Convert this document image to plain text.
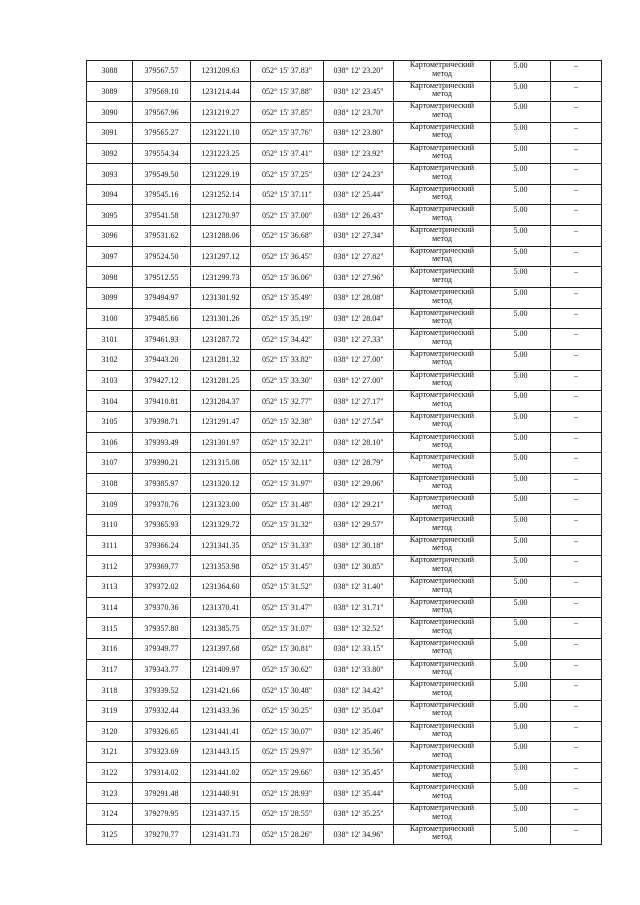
3088	379567.57	1231209.63	052° 15' 37.83"	038° 12' 23.20"	Картометрический
метод	5.00	–

3089	379569.10	1231214.44	052° 15' 37.88"	038° 12' 23.45"	Картометрический
метод	5.00	–

3090	379567.96	1231219.27	052° 15' 37.85"	038° 12' 23.70"	Картометрический
метод	5.00	–

3091	379565.27	1231221.10	052° 15' 37.76"	038° 12' 23.80"	Картометрический
метод	5.00	–

3092	379554.34	1231223.25	052° 15' 37.41"	038° 12' 23.92"	Картометрический
метод	5.00	–

3093	379549.50	1231229.19	052° 15' 37.25"	038° 12' 24.23"	Картометрический
метод	5.00	–

3094	379545.16	1231252.14	052° 15' 37.11"	038° 12' 25.44"	Картометрический
метод	5.00	–

3095	379541.58	1231270.97	052° 15' 37.00"	038° 12' 26.43"	Картометрический
метод	5.00	–

3096	379531.62	1231288.06	052° 15' 36.68"	038° 12' 27.34"	Картометрический
метод	5.00	–

3097	379524.50	1231297.12	052° 15' 36.45"	038° 12' 27.82"	Картометрический
метод	5.00	–

3098	379512.55	1231299.73	052° 15' 36.06"	038° 12' 27.96"	Картометрический
метод	5.00	–

3099	379494.97	1231301.92	052° 15' 35.49"	038° 12' 28.08"	Картометрический
метод	5.00	–

3100	379485.66	1231301.26	052° 15' 35.19"	038° 12' 28.04"	Картометрический
метод	5.00	–

3101	379461.93	1231287.72	052° 15' 34.42"	038° 12' 27.33"	Картометрический
метод	5.00	–

3102	379443.20	1231281.32	052° 15' 33.82"	038° 12' 27.00"	Картометрический
метод	5.00	–

3103	379427.12	1231281.25	052° 15' 33.30"	038° 12' 27.00"	Картометрический
метод	5.00	–

3104	379410.81	1231284.37	052° 15' 32.77"	038° 12' 27.17"	Картометрический
метод	5.00	–

3105	379398.71	1231291.47	052° 15' 32.38"	038° 12' 27.54"	Картометрический
метод	5.00	–

3106	379393.49	1231301.97	052° 15' 32.21"	038° 12' 28.10"	Картометрический
метод	5.00	–

3107	379390.21	1231315.08	052° 15' 32.11"	038° 12' 28.79"	Картометрический
метод	5.00	–

3108	379385.97	1231320.12	052° 15' 31.97"	038° 12' 29.06"	Картометрический
метод	5.00	–

3109	379370.76	1231323.00	052° 15' 31.48"	038° 12' 29.21"	Картометрический
метод	5.00	–

3110	379365.93	1231329.72	052° 15' 31.32"	038° 12' 29.57"	Картометрический
метод	5.00	–

3111	379366.24	1231341.35	052° 15' 31.33"	038° 12' 30.18"	Картометрический
метод	5.00	–

3112	379369.77	1231353.98	052° 15' 31.45"	038° 12' 30.85"	Картометрический
метод	5.00	–

3113	379372.02	1231364.60	052° 15' 31.52"	038° 12' 31.40"	Картометрический
метод	5.00	–

3114	379370.36	1231370.41	052° 15' 31.47"	038° 12' 31.71"	Картометрический
метод	5.00	–

3115	379357.80	1231385.75	052° 15' 31.07"	038° 12' 32.52"	Картометрический
метод	5.00	–

3116	379349.77	1231397.68	052° 15' 30.81"	038° 12' 33.15"	Картометрический
метод	5.00	–

3117	379343.77	1231409.97	052° 15' 30.62"	038° 12' 33.80"	Картометрический
метод	5.00	–

3118	379339.52	1231421.66	052° 15' 30.48"	038° 12' 34.42"	Картометрический
метод	5.00	–

3119	379332.44	1231433.36	052° 15' 30.25"	038° 12' 35.04"	Картометрический
метод	5.00	–

3120	379326.65	1231441.41	052° 15' 30.07"	038° 12' 35.46"	Картометрический
метод	5.00	–

3121	379323.69	1231443.15	052° 15' 29.97"	038° 12' 35.56"	Картометрический
метод	5.00	–

3122	379314.02	1231441.02	052° 15' 29.66"	038° 12' 35.45"	Картометрический
метод	5.00	–

3123	379291.48	1231440.91	052° 15' 28.93"	038° 12' 35.44"	Картометрический
метод	5.00	–

3124	379279.95	1231437.15	052° 15' 28.55"	038° 12' 35.25"	Картометрический
метод	5.00	–

3125	379270.77	1231431.73	052° 15' 28.26"	038° 12' 34.96"	Картометрический
метод	5.00	–
